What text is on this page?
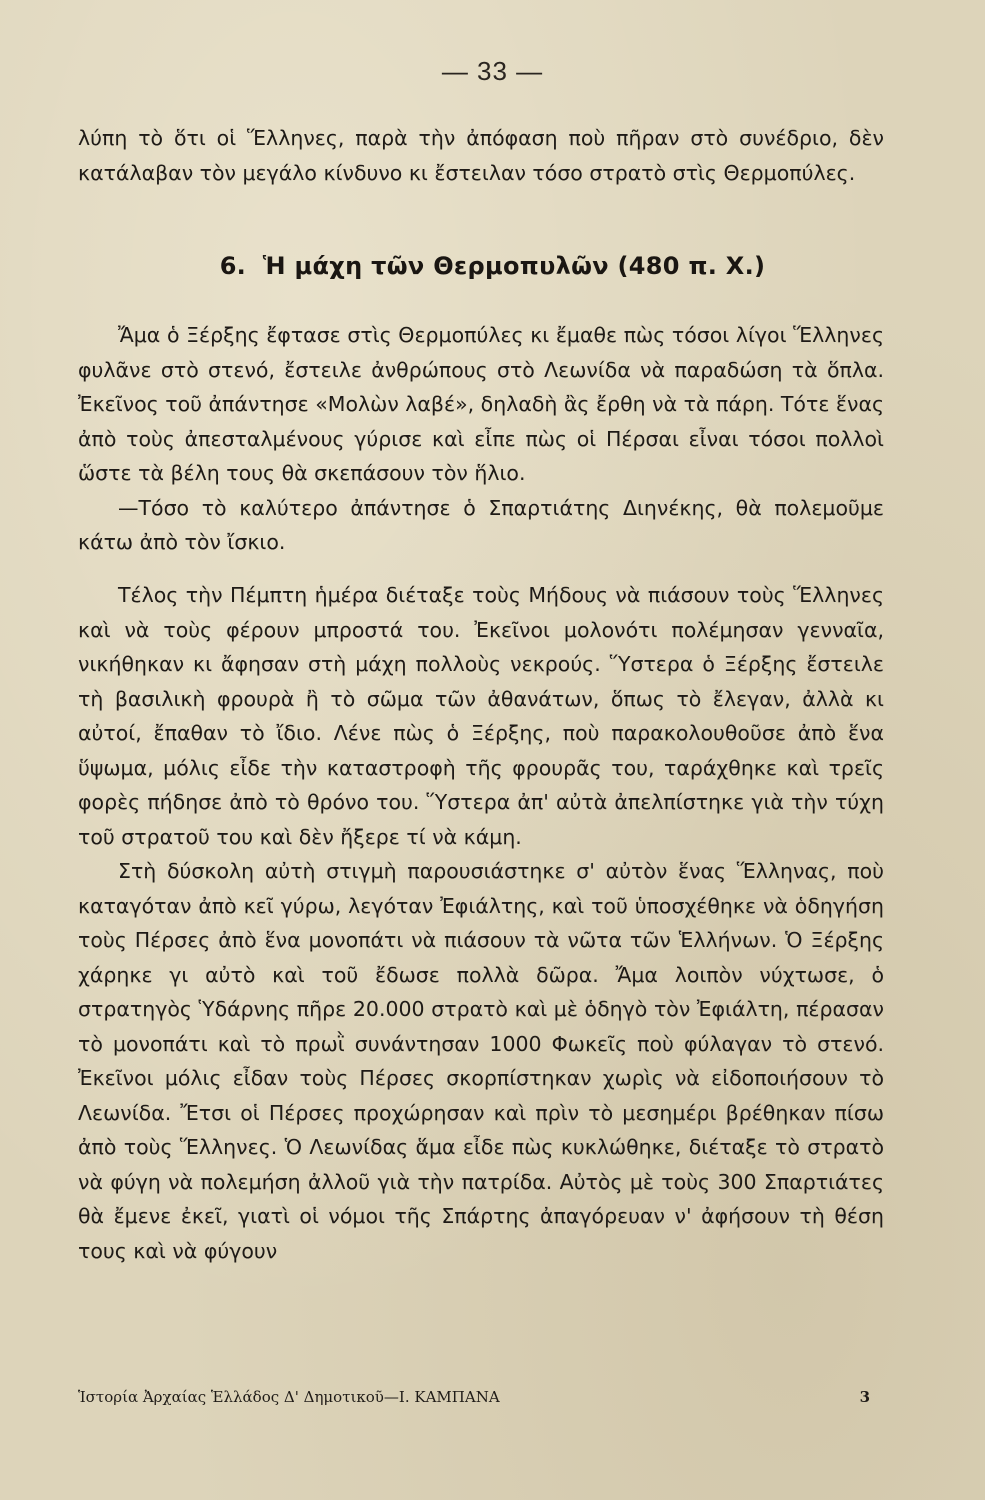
— 33 —

λύπη τὸ ὅτι οἱ Ἕλληνες, παρὰ τὴν ἀπόφαση ποὺ πῆραν στὸ συνέδριο, δὲν κατάλαβαν τὸν μεγάλο κίνδυνο κι ἔστειλαν τόσο στρατὸ στὶς Θερμοπύλες.

6. Ἡ μάχη τῶν Θερμοπυλῶν (480 π. Χ.)

Ἄμα ὁ Ξέρξης ἔφτασε στὶς Θερμοπύλες κι ἔμαθε πὼς τόσοι λίγοι Ἕλληνες φυλᾶνε στὸ στενό, ἔστειλε ἀνθρώπους στὸ Λεωνίδα νὰ παραδώση τὰ ὅπλα. Ἐκεῖνος τοῦ ἀπάντησε «Μολὼν λαβέ», δηλαδὴ ἂς ἔρθη νὰ τὰ πάρη. Τότε ἕνας ἀπὸ τοὺς ἀπεσταλμένους γύρισε καὶ εἶπε πὼς οἱ Πέρσαι εἶναι τόσοι πολλοὶ ὥστε τὰ βέλη τους θὰ σκεπάσουν τὸν ἥλιο.

—Τόσο τὸ καλύτερο ἀπάντησε ὁ Σπαρτιάτης Διηνέκης, θὰ πολεμοῦμε κάτω ἀπὸ τὸν ἴσκιο.

Τέλος τὴν Πέμπτη ἡμέρα διέταξε τοὺς Μήδους νὰ πιάσουν τοὺς Ἕλληνες καὶ νὰ τοὺς φέρουν μπροστά του. Ἐκεῖνοι μολονότι πολέμησαν γενναῖα, νικήθηκαν κι ἄφησαν στὴ μάχη πολλοὺς νεκρούς. Ὕστερα ὁ Ξέρξης ἔστειλε τὴ βασιλικὴ φρουρὰ ἢ τὸ σῶμα τῶν ἀθανάτων, ὅπως τὸ ἔλεγαν, ἀλλὰ κι αὐτοί, ἔπαθαν τὸ ἴδιο. Λένε πὼς ὁ Ξέρξης, ποὺ παρακολουθοῦσε ἀπὸ ἕνα ὕψωμα, μόλις εἶδε τὴν καταστροφὴ τῆς φρουρᾶς του, ταράχθηκε καὶ τρεῖς φορὲς πήδησε ἀπὸ τὸ θρόνο του. Ὕστερα ἀπ' αὐτὰ ἀπελπίστηκε γιὰ τὴν τύχη τοῦ στρατοῦ του καὶ δὲν ἤξερε τί νὰ κάμη.

Στὴ δύσκολη αὐτὴ στιγμὴ παρουσιάστηκε σ' αὐτὸν ἕνας Ἕλληνας, ποὺ καταγόταν ἀπὸ κεῖ γύρω, λεγόταν Ἐφιάλτης, καὶ τοῦ ὑποσχέθηκε νὰ ὁδηγήση τοὺς Πέρσες ἀπὸ ἕνα μονοπάτι νὰ πιάσουν τὰ νῶτα τῶν Ἑλλήνων. Ὁ Ξέρξης χάρηκε γι αὐτὸ καὶ τοῦ ἔδωσε πολλὰ δῶρα. Ἄμα λοιπὸν νύχτωσε, ὁ στρατηγὸς Ὑδάρνης πῆρε 20.000 στρατὸ καὶ μὲ ὁδηγὸ τὸν Ἐφιάλτη, πέρασαν τὸ μονοπάτι καὶ τὸ πρωῒ συνάντησαν 1000 Φωκεῖς ποὺ φύλαγαν τὸ στενό. Ἐκεῖνοι μόλις εἶδαν τοὺς Πέρσες σκορπίστηκαν χωρὶς νὰ εἰδοποιήσουν τὸ Λεωνίδα. Ἔτσι οἱ Πέρσες προχώρησαν καὶ πρὶν τὸ μεσημέρι βρέθηκαν πίσω ἀπὸ τοὺς Ἕλληνες. Ὁ Λεωνίδας ἅμα εἶδε πὼς κυκλώθηκε, διέταξε τὸ στρατὸ νὰ φύγη νὰ πολεμήση ἀλλοῦ γιὰ τὴν πατρίδα. Αὐτὸς μὲ τοὺς 300 Σπαρτιάτες θὰ ἔμενε ἐκεῖ, γιατὶ οἱ νόμοι τῆς Σπάρτης ἀπαγόρευαν ν' ἀφήσουν τὴ θέση τους καὶ νὰ φύγουν

Ἱστορία Ἀρχαίας Ἑλλάδος Δ' Δημοτικοῦ—Ι. ΚΑΜΠΑΝΑ	3
